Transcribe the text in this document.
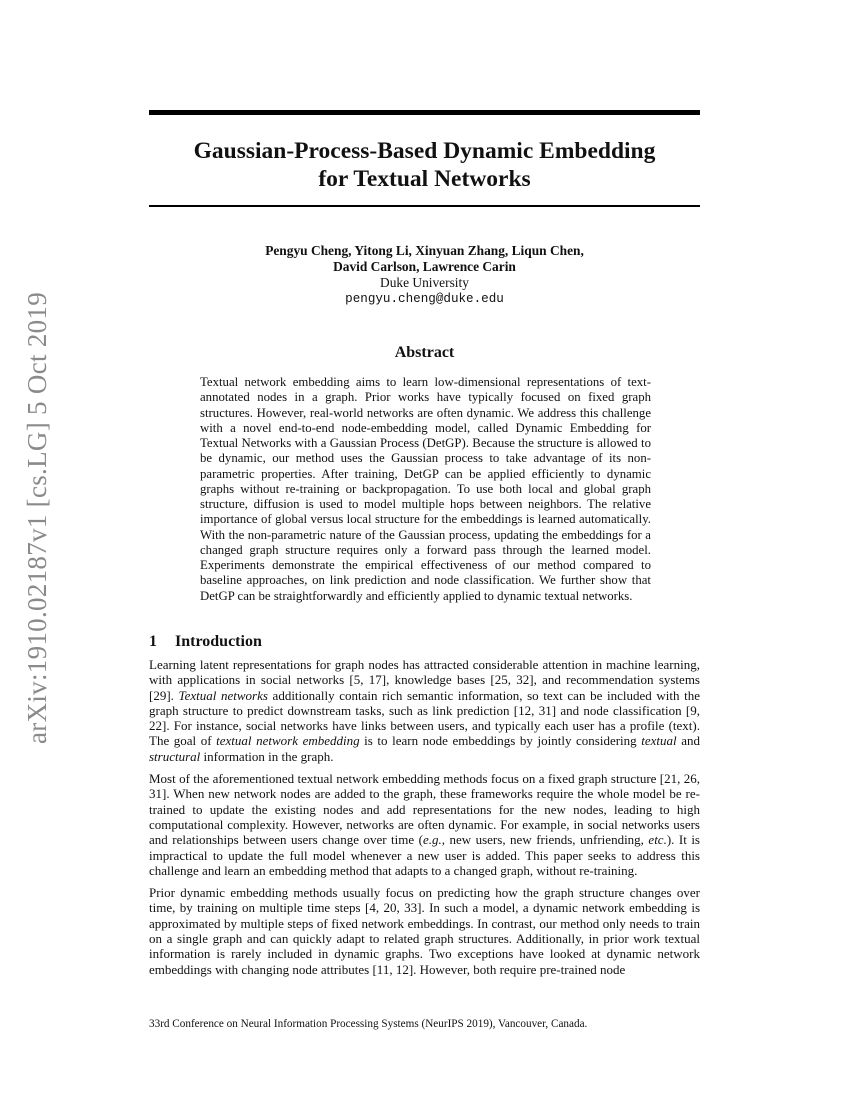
arXiv:1910.02187v1 [cs.LG] 5 Oct 2019
Gaussian-Process-Based Dynamic Embedding
for Textual Networks
Pengyu Cheng, Yitong Li, Xinyuan Zhang, Liqun Chen,
David Carlson, Lawrence Carin
Duke University
pengyu.cheng@duke.edu
Abstract
Textual network embedding aims to learn low-dimensional representations of text-annotated nodes in a graph. Prior works have typically focused on fixed graph structures. However, real-world networks are often dynamic. We address this challenge with a novel end-to-end node-embedding model, called Dynamic Embedding for Textual Networks with a Gaussian Process (DetGP). Because the structure is allowed to be dynamic, our method uses the Gaussian process to take advantage of its non-parametric properties. After training, DetGP can be applied efficiently to dynamic graphs without re-training or backpropagation. To use both local and global graph structure, diffusion is used to model multiple hops between neighbors. The relative importance of global versus local structure for the embeddings is learned automatically. With the non-parametric nature of the Gaussian process, updating the embeddings for a changed graph structure requires only a forward pass through the learned model. Experiments demonstrate the empirical effectiveness of our method compared to baseline approaches, on link prediction and node classification. We further show that DetGP can be straightforwardly and efficiently applied to dynamic textual networks.
1 Introduction

Learning latent representations for graph nodes has attracted considerable attention in machine learning, with applications in social networks [5, 17], knowledge bases [25, 32], and recommendation systems [29]. Textual networks additionally contain rich semantic information, so text can be included with the graph structure to predict downstream tasks, such as link prediction [12, 31] and node classification [9, 22]. For instance, social networks have links between users, and typically each user has a profile (text). The goal of textual network embedding is to learn node embeddings by jointly considering textual and structural information in the graph.

Most of the aforementioned textual network embedding methods focus on a fixed graph structure [21, 26, 31]. When new network nodes are added to the graph, these frameworks require the whole model be re-trained to update the existing nodes and add representations for the new nodes, leading to high computational complexity. However, networks are often dynamic. For example, in social networks users and relationships between users change over time (e.g., new users, new friends, unfriending, etc.). It is impractical to update the full model whenever a new user is added. This paper seeks to address this challenge and learn an embedding method that adapts to a changed graph, without re-training.

Prior dynamic embedding methods usually focus on predicting how the graph structure changes over time, by training on multiple time steps [4, 20, 33]. In such a model, a dynamic network embedding is approximated by multiple steps of fixed network embeddings. In contrast, our method only needs to train on a single graph and can quickly adapt to related graph structures. Additionally, in prior work textual information is rarely included in dynamic graphs. Two exceptions have looked at dynamic network embeddings with changing node attributes [11, 12]. However, both require pre-trained node

33rd Conference on Neural Information Processing Systems (NeurIPS 2019), Vancouver, Canada.
